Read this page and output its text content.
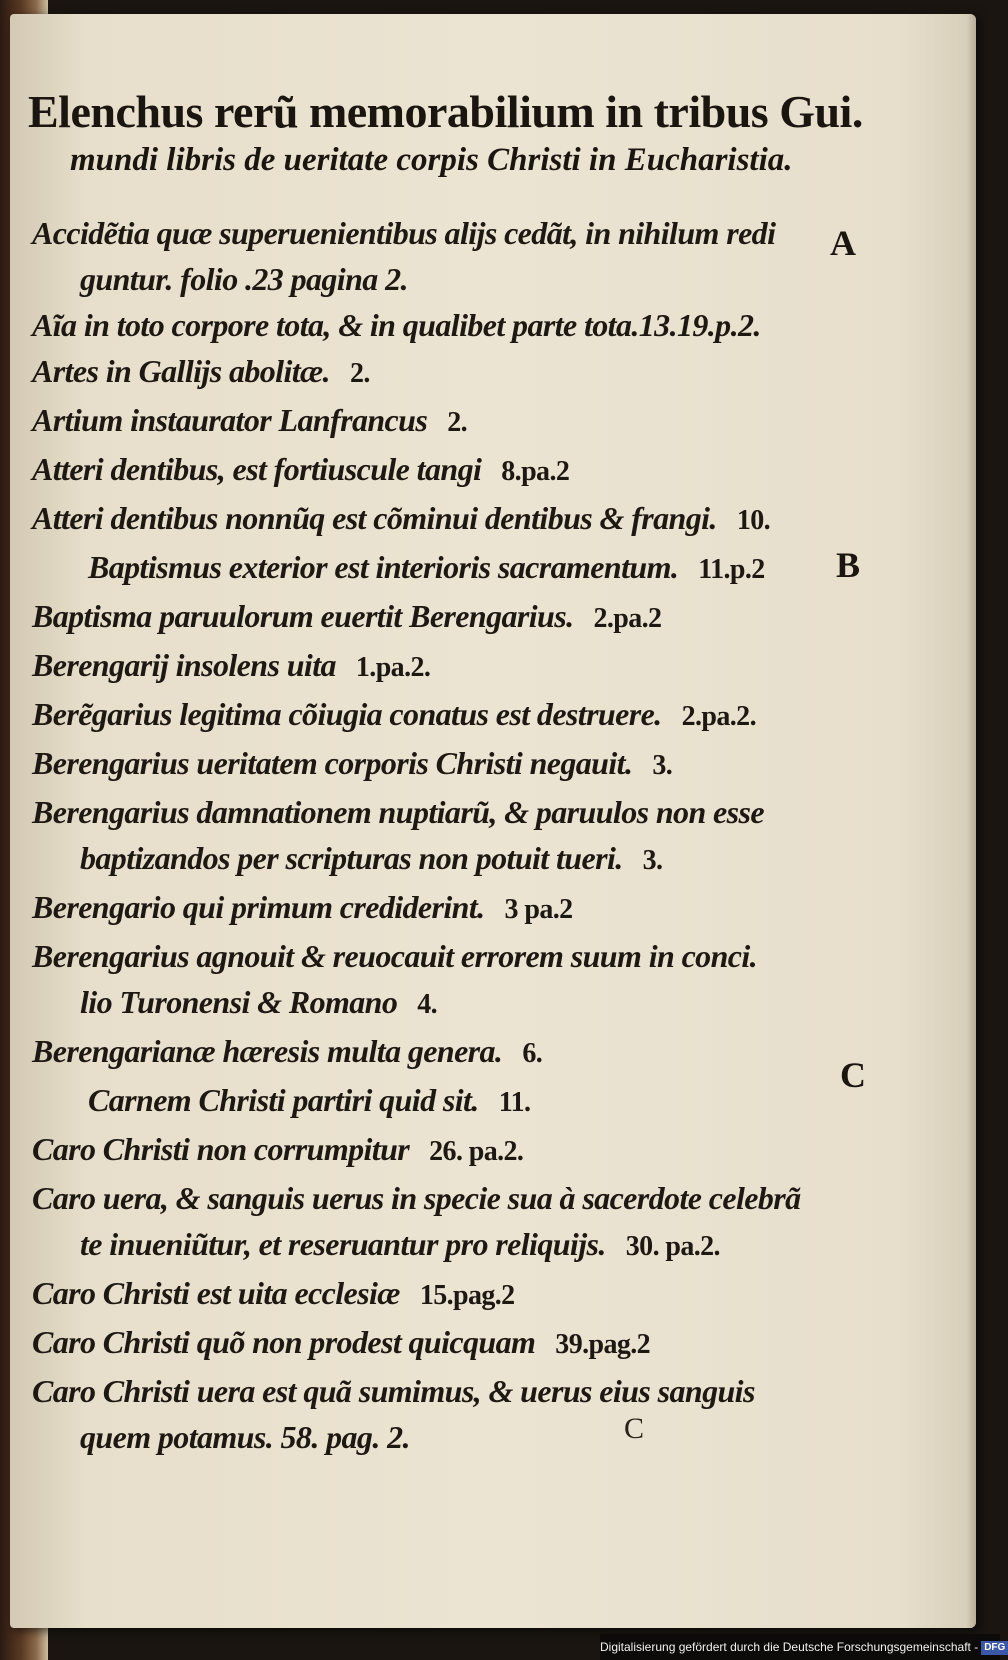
Elenchus rerũ memorabilium in tribus Gui.
mundi libris de ueritate corpis Christi in Eucharistia.
Accidẽtia quæ superuenientibus alijs cedãt, in nihilum redi
guntur. folio .23 pagina 2.
Aĩa in toto corpore tota, & in qualibet parte tota.13.19.p.2.
Artes in Gallijs abolitæ. 2.
Artium instaurator Lanfrancus 2.
Atteri dentibus, est fortiuscule tangi 8.pa.2
Atteri dentibus nonnũq est cõminui dentibus & frangi. 10.
Baptismus exterior est interioris sacramentum. 11.p.2
Baptisma paruulorum euertit Berengarius. 2.pa.2
Berengarij insolens uita 1.pa.2.
Berẽgarius legitima cõiugia conatus est destruere. 2.pa.2.
Berengarius ueritatem corporis Christi negauit. 3.
Berengarius damnationem nuptiarũ, & paruulos non esse
baptizandos per scripturas non potuit tueri. 3.
Berengario qui primum crediderint. 3 pa.2
Berengarius agnouit & reuocauit errorem suum in conci.
lio Turonensi & Romano 4.
Berengarianæ hæresis multa genera. 6.
Carnem Christi partiri quid sit. 11.
Caro Christi non corrumpitur 26. pa.2.
Caro uera, & sanguis uerus in specie sua à sacerdote celebrã
te inueniũtur, et reseruantur pro reliquijs. 30. pa.2.
Caro Christi est uita ecclesiæ 15.pag.2
Caro Christi quõ non prodest quicquam 39.pag.2
Caro Christi uera est quã sumimus, & uerus eius sanguis
quem potamus. 58. pag. 2.
A
B
C
C
Digitalisierung gefördert durch die Deutsche Forschungsgemeinschaft - DFG
